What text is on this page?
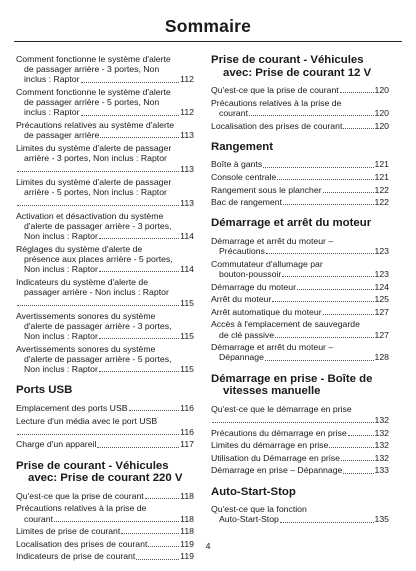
Sommaire
Comment fonctionne le système d'alerte
de passager arrière - 3 portes, Non
inclus : Raptor	112
Comment fonctionne le système d'alerte
de passager arrière - 5 portes, Non
inclus : Raptor	112
Précautions relatives au système d'alerte
de passager arrière	113
Limites du système d'alerte de passager
arrière - 3 portes, Non inclus : Raptor
113
Limites du système d'alerte de passager
arrière - 5 portes, Non inclus : Raptor
113
Activation et désactivation du système
d'alerte de passager arrière - 3 portes,
Non inclus : Raptor	114
Réglages du système d'alerte de
présence aux places arrière - 5 portes,
Non inclus : Raptor	114
Indicateurs du système d'alerte de
passager arrière - Non inclus : Raptor
115
Avertissements sonores du système
d'alerte de passager arrière - 3 portes,
Non inclus : Raptor	115
Avertissements sonores du système
d'alerte de passager arrière - 5 portes,
Non inclus : Raptor	115
Ports USB
Emplacement des ports USB	116
Lecture d'un média avec le port USB
116
Charge d'un appareil	117
Prise de courant - Véhicules
avec: Prise de courant 220 V
Qu'est-ce que la prise de courant	118
Précautions relatives à la prise de
courant	118
Limites de prise de courant	118
Localisation des prises de courant	119
Indicateurs de prise de courant	119
Prise de courant - Véhicules
avec: Prise de courant 12 V
Qu'est-ce que la prise de courant	120
Précautions relatives à la prise de
courant	120
Localisation des prises de courant	120
Rangement
Boîte à gants	121
Console centrale	121
Rangement sous le plancher	122
Bac de rangement	122
Démarrage et arrêt du moteur
Démarrage et arrêt du moteur –
Précautions	123
Commutateur d'allumage par
bouton-poussoir	123
Démarrage du moteur	124
Arrêt du moteur	125
Arrêt automatique du moteur	127
Accès à l'emplacement de sauvegarde
de clé passive	127
Démarrage et arrêt du moteur –
Dépannage	128
Démarrage en prise - Boîte de
vitesses manuelle
Qu'est-ce que le démarrage en prise
132
Précautions du démarrage en prise	132
Limites du démarrage en prise	132
Utilisation du Démarrage en prise	132
Démarrage en prise – Dépannage	133
Auto-Start-Stop
Qu'est-ce que la fonction
Auto-Start-Stop	135
4
